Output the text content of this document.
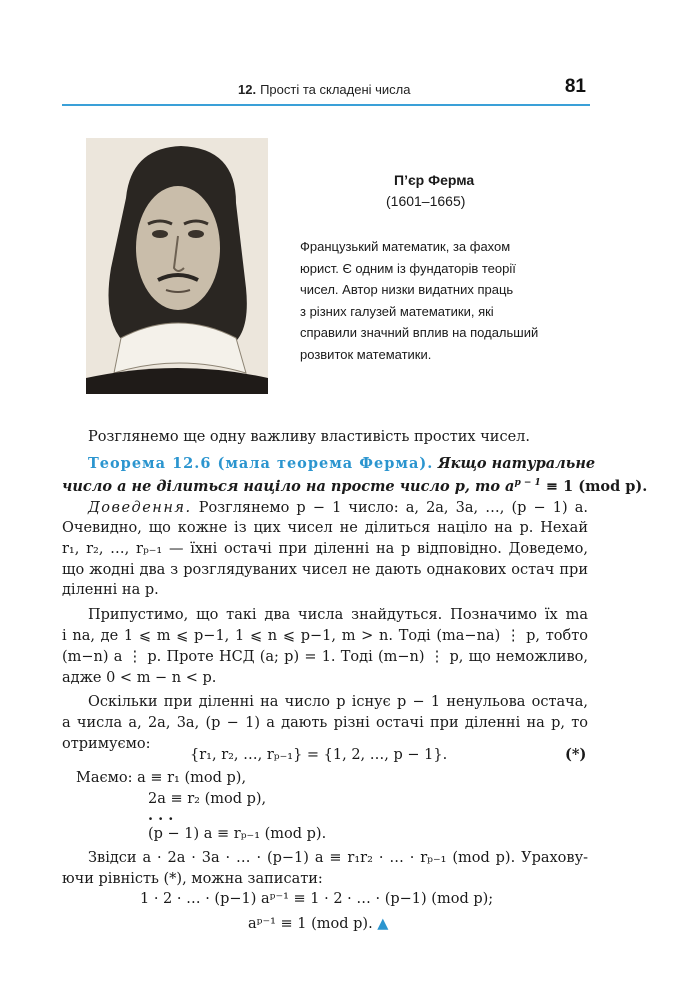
12. Прості та складені числа	81
П’єр Ферма
(1601–1665)
Французький математик, за фахом
юрист. Є одним із фундаторів теорії
чисел. Автор низки видатних праць
з різних галузей математики, які
справили значний вплив на подальший
розвиток математики.
Розглянемо ще одну важливу властивість простих чисел.
Теорема 12.6 (мала теорема Ферма). Якщо натуральне
число a не ділиться націло на просте число p, то $a^{p - 1} \equiv 1$ (mod p).
Доведення. Розглянемо p − 1 число: a, 2a, 3a, …, (p − 1) a.
Очевидно, що кожне із цих чисел не ділиться націло на p. Нехай
r₁, r₂, …, rₚ₋₁ — їхні остачі при діленні на p відповідно. Доведемо,
що жодні два з розглядуваних чисел не дають однакових остач при
діленні на p.
Припустимо, що такі два числа знайдуться. Позначимо їх ma
і na, де 1 ⩽ m ⩽ p−1, 1 ⩽ n ⩽ p−1, m > n. Тоді (ma−na) ⋮ p, тобто
(m−n) a ⋮ p. Проте НСД (a; p) = 1. Тоді (m−n) ⋮ p, що неможливо,
адже 0 < m − n < p.
Оскільки при діленні на число p існує p − 1 ненульова остача,
а числа a, 2a, 3a, (p − 1) a дають різні остачі при діленні на p, то
отримуємо:
{r₁, r₂, …, rₚ₋₁} = {1, 2, …, p − 1}.	(*)
Маємо: a ≡ r₁ (mod p),
2a ≡ r₂ (mod p),
. . .
(p − 1) a ≡ rₚ₋₁ (mod p).
Звідси a · 2a · 3a · … · (p−1) a ≡ r₁r₂ · … · rₚ₋₁ (mod p). Урахову-
ючи рівність (*), можна записати:
1 · 2 · … · (p−1) aᵖ⁻¹ ≡ 1 · 2 · … · (p−1) (mod p);
aᵖ⁻¹ ≡ 1 (mod p). ▲
